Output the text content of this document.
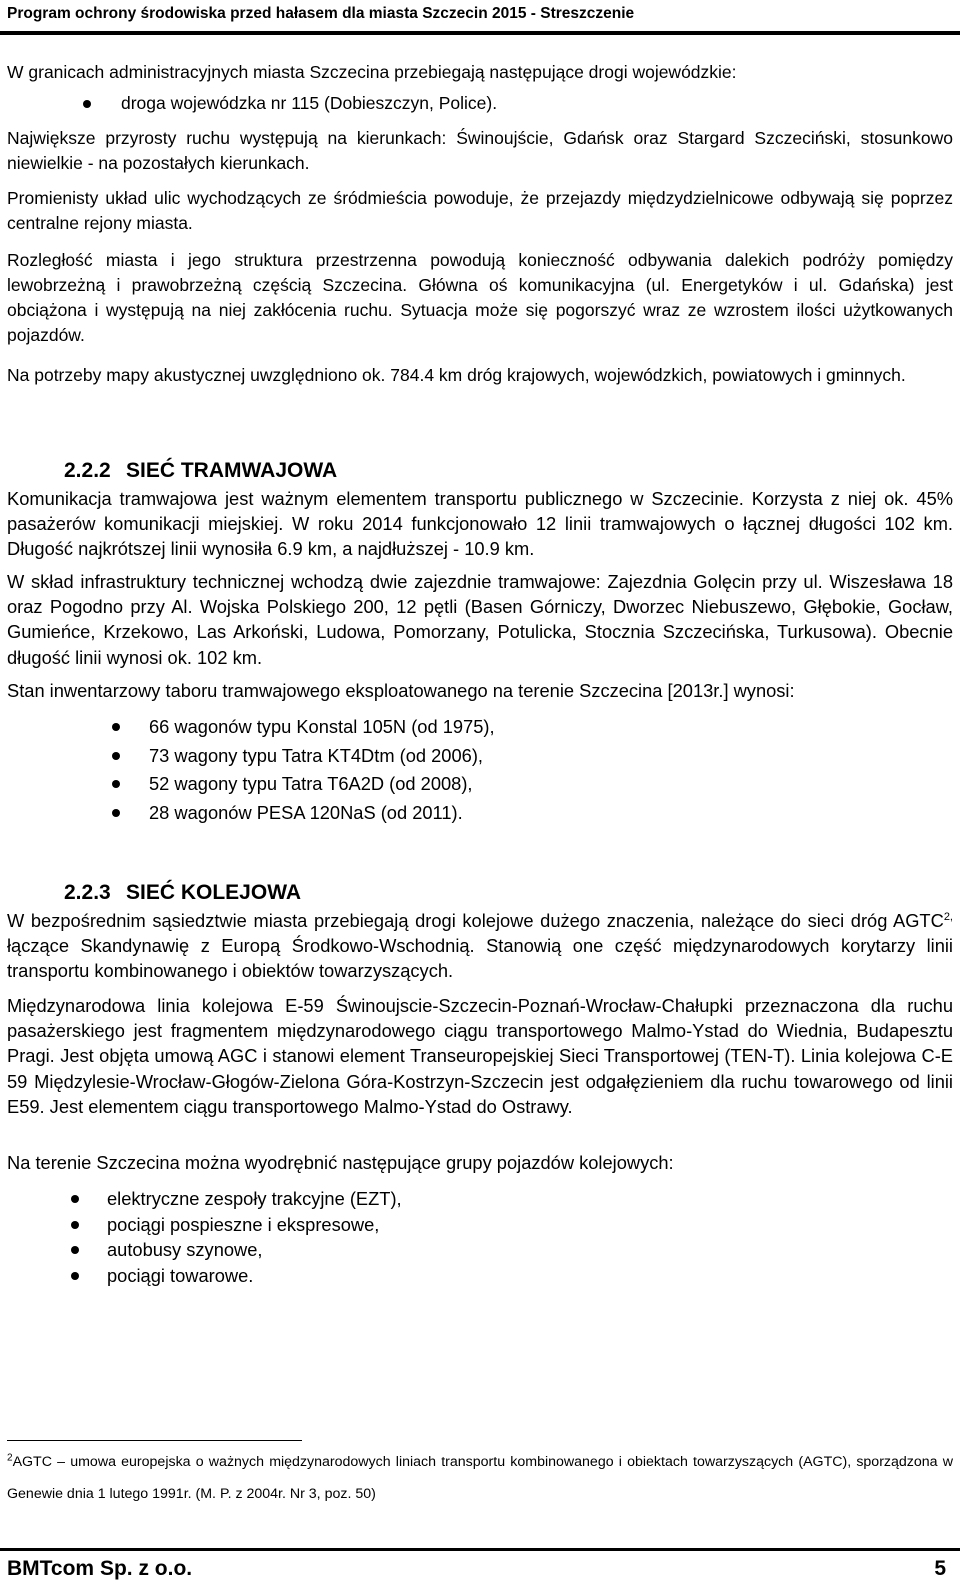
Program ochrony środowiska przed hałasem dla miasta Szczecin 2015 - Streszczenie

W granicach administracyjnych miasta Szczecina przebiegają następujące drogi wojewódzkie:

droga wojewódzka nr 115 (Dobieszczyn, Police).

Największe przyrosty ruchu występują na kierunkach: Świnoujście, Gdańsk oraz Stargard Szczeciński, stosunkowo niewielkie - na pozostałych kierunkach.

Promienisty układ ulic wychodzących ze śródmieścia powoduje, że przejazdy międzydzielnicowe odbywają się poprzez centralne rejony miasta.

Rozległość miasta i jego struktura przestrzenna powodują konieczność odbywania dalekich podróży pomiędzy lewobrzeżną i prawobrzeżną częścią Szczecina. Główna oś komunikacyjna (ul. Energetyków i ul. Gdańska) jest obciążona i występują na niej zakłócenia ruchu. Sytuacja może się pogorszyć wraz ze wzrostem ilości użytkowanych pojazdów.

Na potrzeby mapy akustycznej uwzględniono ok. 784.4 km dróg krajowych, wojewódzkich, powiatowych i gminnych.

2.2.2 SIEĆ TRAMWAJOWA

Komunikacja tramwajowa jest ważnym elementem transportu publicznego w Szczecinie. Korzysta z niej ok. 45% pasażerów komunikacji miejskiej. W roku 2014 funkcjonowało 12 linii tramwajowych o łącznej długości 102 km. Długość najkrótszej linii wynosiła 6.9 km, a najdłuższej - 10.9 km.

W skład infrastruktury technicznej wchodzą dwie zajezdnie tramwajowe: Zajezdnia Golęcin przy ul. Wiszesława 18 oraz Pogodno przy Al. Wojska Polskiego 200, 12 pętli (Basen Górniczy, Dworzec Niebuszewo, Głębokie, Gocław, Gumieńce, Krzekowo, Las Arkoński, Ludowa, Pomorzany, Potulicka, Stocznia Szczecińska, Turkusowa). Obecnie długość linii wynosi ok. 102 km.

Stan inwentarzowy taboru tramwajowego eksploatowanego na terenie Szczecina [2013r.] wynosi:

66 wagonów typu Konstal 105N (od 1975),
73 wagony typu Tatra KT4Dtm (od 2006),
52 wagony typu Tatra T6A2D (od 2008),
28 wagonów PESA 120NaS (od 2011).
2.2.3 SIEĆ KOLEJOWA

W bezpośrednim sąsiedztwie miasta przebiegają drogi kolejowe dużego znaczenia, należące do sieci dróg $AGTC^{2,}$ łączące Skandynawię z Europą Środkowo-Wschodnią. Stanowią one część międzynarodowych korytarzy linii transportu kombinowanego i obiektów towarzyszących.

Międzynarodowa linia kolejowa E-59 Świnoujscie-Szczecin-Poznań-Wrocław-Chałupki przeznaczona dla ruchu pasażerskiego jest fragmentem międzynarodowego ciągu transportowego Malmo-Ystad do Wiednia, Budapesztu Pragi. Jest objęta umową AGC i stanowi element Transeuropejskiej Sieci Transportowej (TEN-T). Linia kolejowa C-E 59 Międzylesie-Wrocław-Głogów-Zielona Góra-Kostrzyn-Szczecin jest odgałęzieniem dla ruchu towarowego od linii E59. Jest elementem ciągu transportowego Malmo-Ystad do Ostrawy.

Na terenie Szczecina można wyodrębnić następujące grupy pojazdów kolejowych:

elektryczne zespoły trakcyjne (EZT),
pociągi pospieszne i ekspresowe,
autobusy szynowe,
pociągi towarowe.
$^2$AGTC – umowa europejska o ważnych międzynarodowych liniach transportu kombinowanego i obiektach towarzyszących (AGTC), sporządzona w Genewie dnia 1 lutego 1991r. (M. P. z 2004r. Nr 3, poz. 50)
BMTcom Sp. z o.o.	5
